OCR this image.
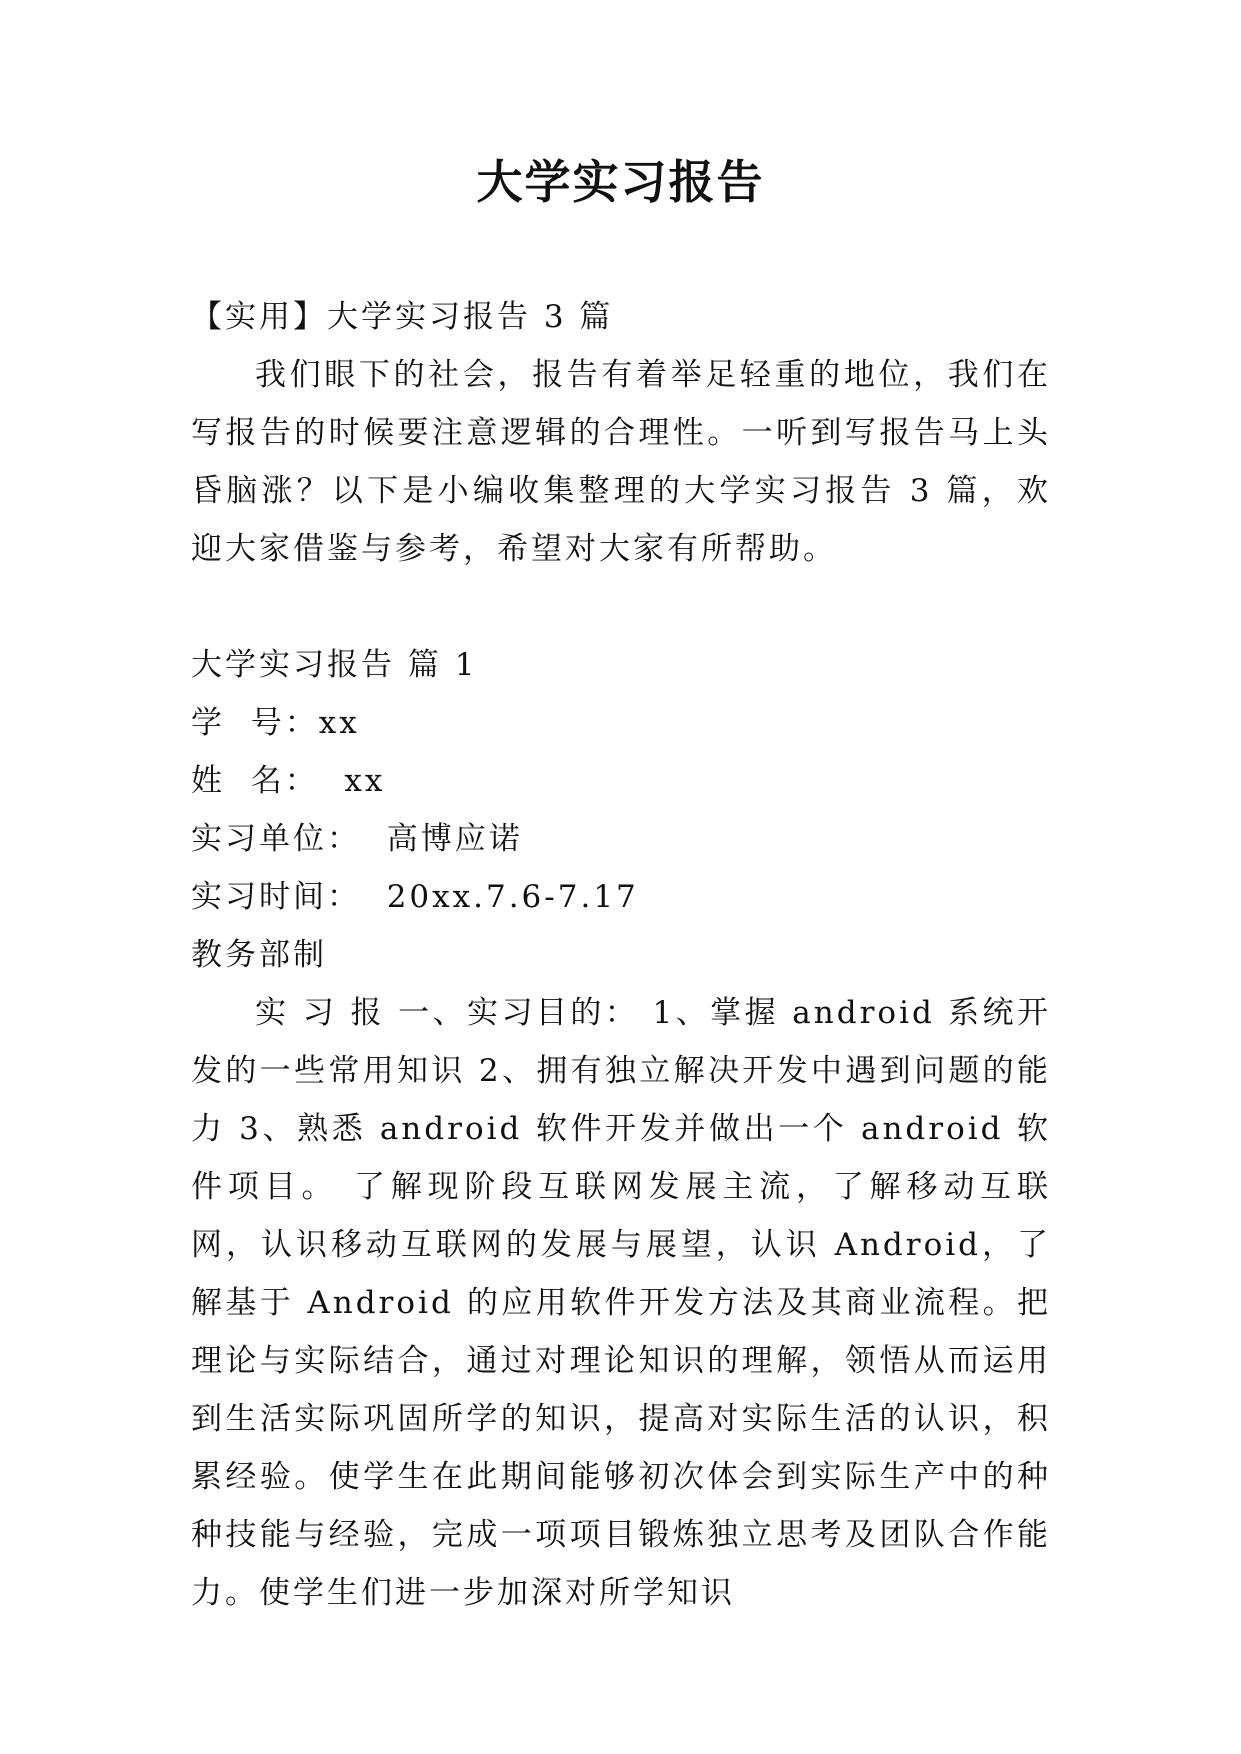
大学实习报告

【实用】大学实习报告 3 篇

我们眼下的社会，报告有着举足轻重的地位，我们在写报告的时候要注意逻辑的合理性。一听到写报告马上头昏脑涨？以下是小编收集整理的大学实习报告 3 篇，欢迎大家借鉴与参考，希望对大家有所帮助。

大学实习报告 篇 1

学  号：xx

姓  名：  xx

实习单位：  高博应诺

实习时间：  20xx.7.6-7.17

教务部制

实 习 报 一、实习目的： 1、掌握 android 系统开发的一些常用知识 2、拥有独立解决开发中遇到问题的能力 3、熟悉 android 软件开发并做出一个 android 软件项目。 了解现阶段互联网发展主流，了解移动互联网，认识移动互联网的发展与展望，认识 Android，了解基于 Android 的应用软件开发方法及其商业流程。把理论与实际结合，通过对理论知识的理解，领悟从而运用到生活实际巩固所学的知识，提高对实际生活的认识，积累经验。使学生在此期间能够初次体会到实际生产中的种种技能与经验，完成一项项目锻炼独立思考及团队合作能力。使学生们进一步加深对所学知识
